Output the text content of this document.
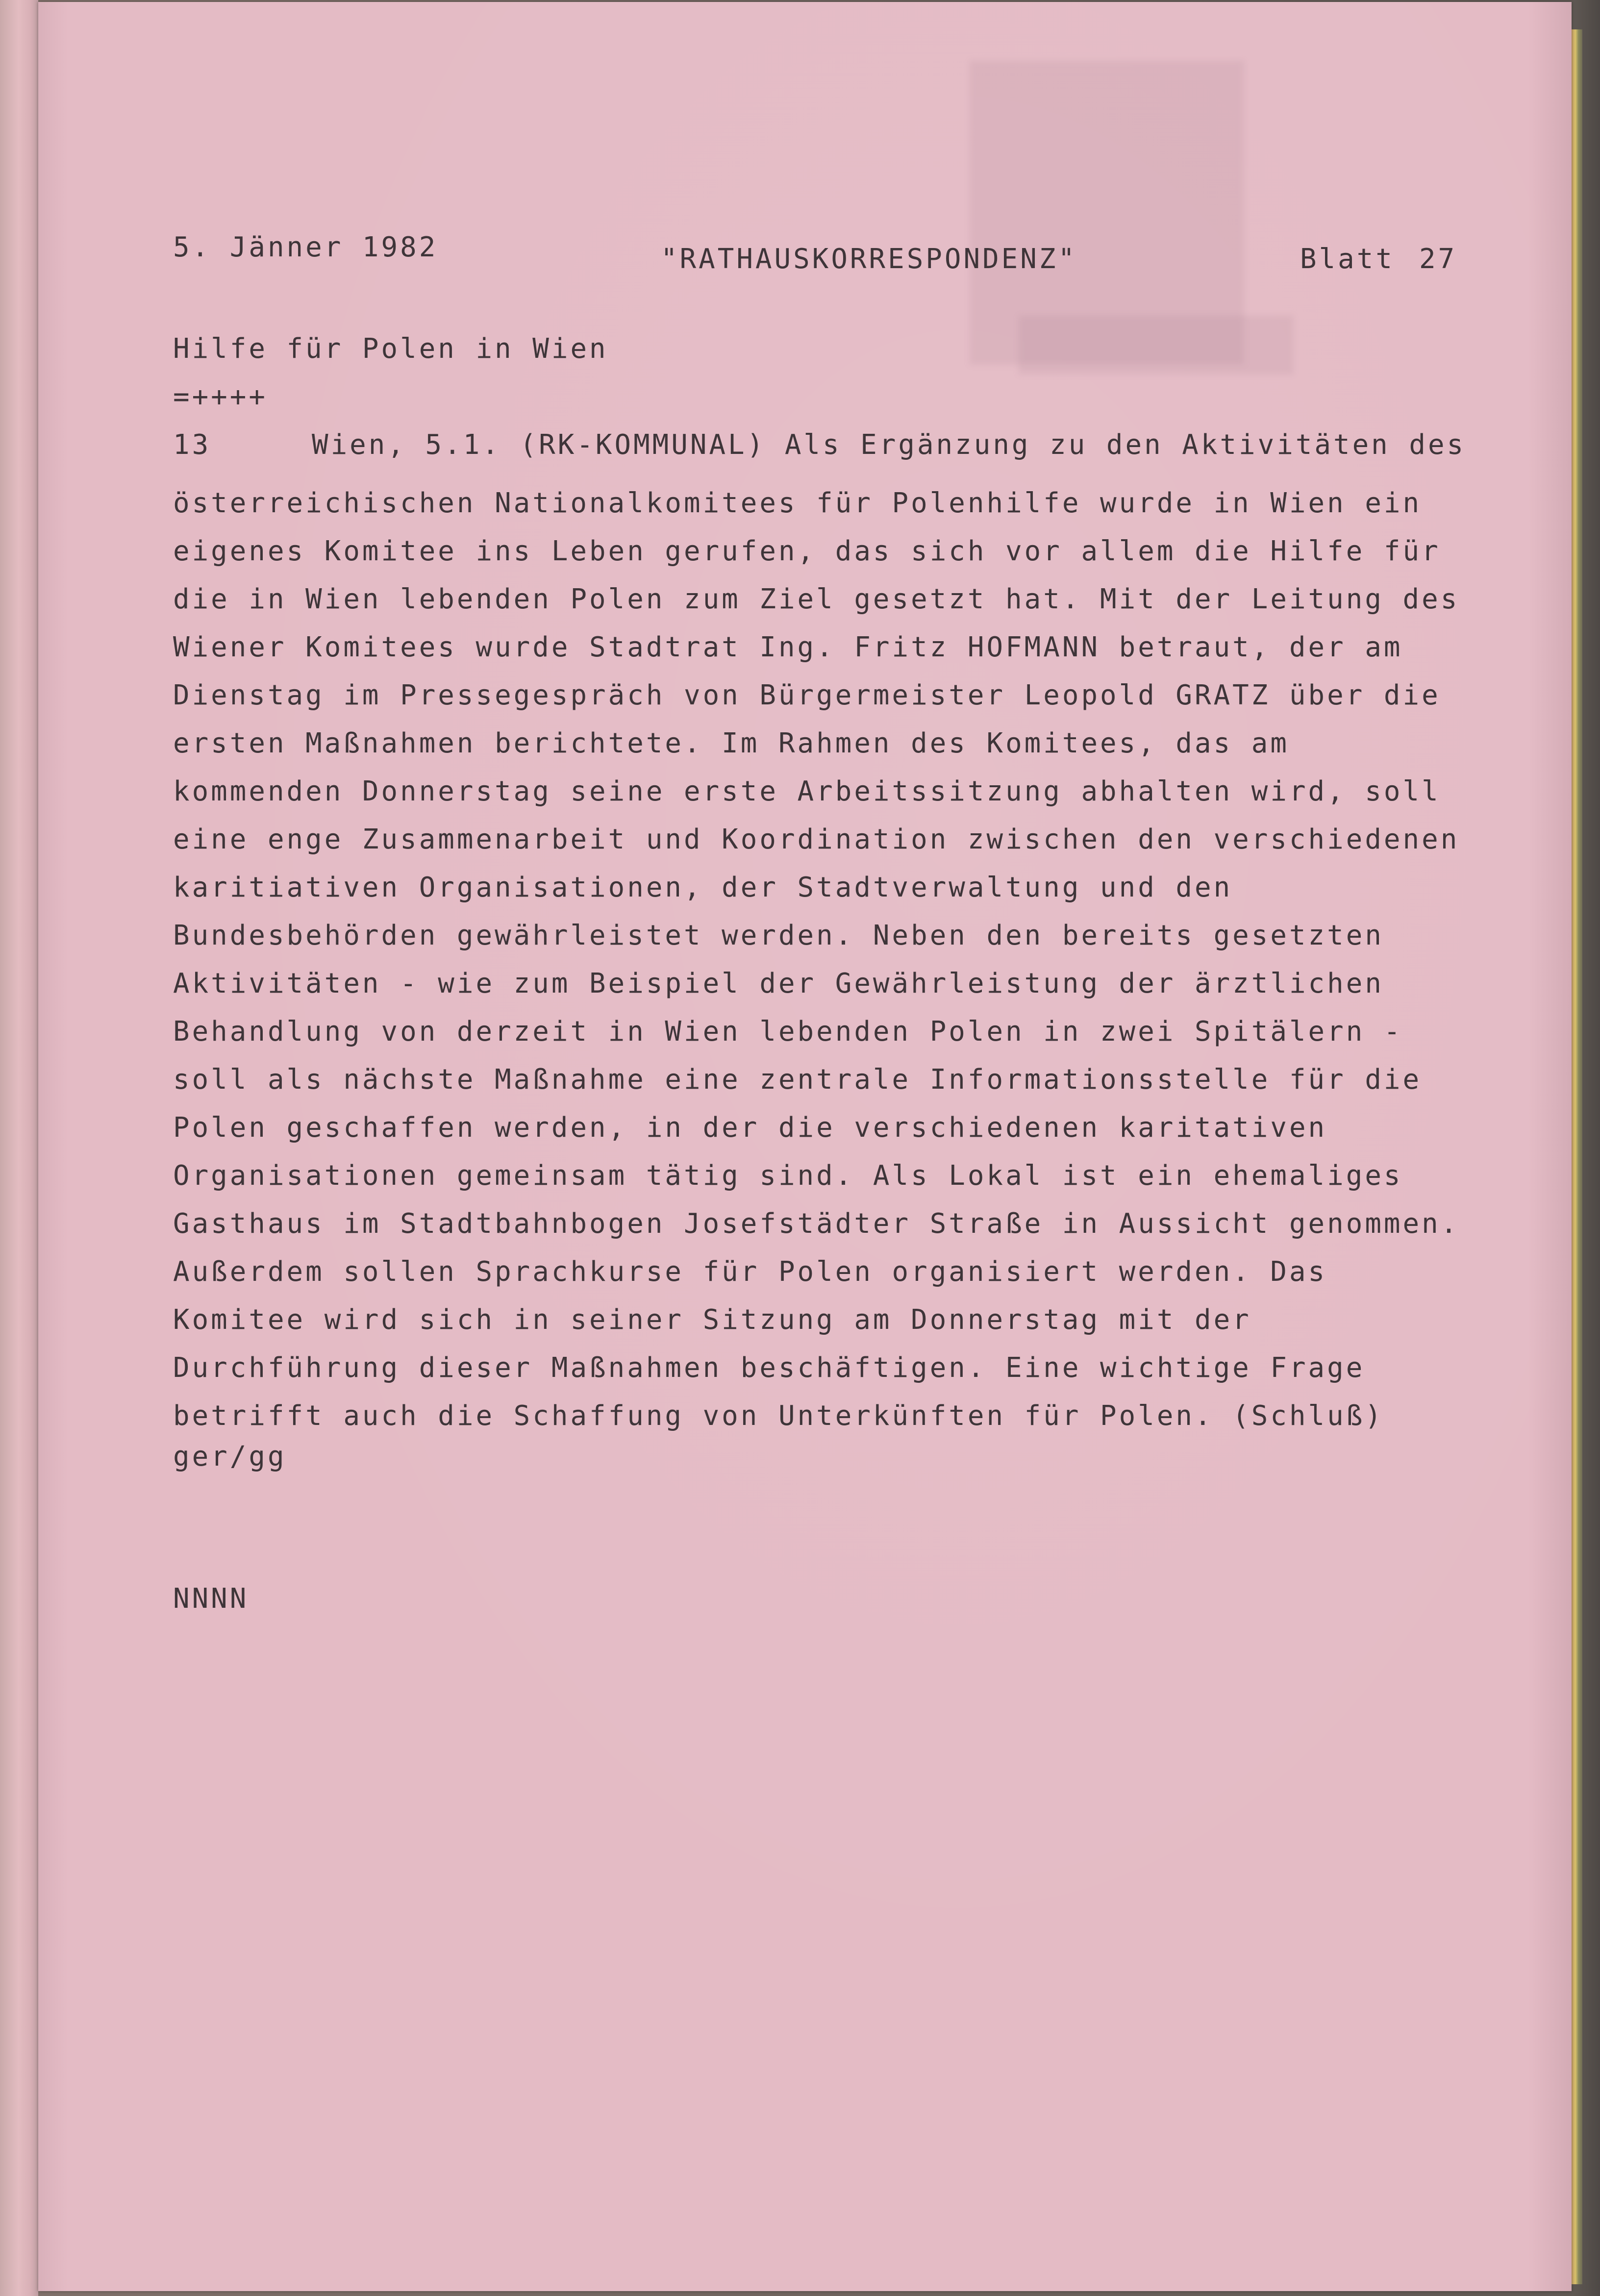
5. Jänner 1982	"RATHAUSKORRESPONDENZ"	Blatt 27
Hilfe für Polen in Wien
=++++
13	Wien, 5.1. (RK-KOMMUNAL) Als Ergänzung zu den Aktivitäten des
österreichischen Nationalkomitees für Polenhilfe wurde in Wien ein
eigenes Komitee ins Leben gerufen, das sich vor allem die Hilfe für
die in Wien lebenden Polen zum Ziel gesetzt hat. Mit der Leitung des
Wiener Komitees wurde Stadtrat Ing. Fritz HOFMANN betraut, der am
Dienstag im Pressegespräch von Bürgermeister Leopold GRATZ über die
ersten Maßnahmen berichtete. Im Rahmen des Komitees, das am
kommenden Donnerstag seine erste Arbeitssitzung abhalten wird, soll
eine enge Zusammenarbeit und Koordination zwischen den verschiedenen
karitiativen Organisationen, der Stadtverwaltung und den
Bundesbehörden gewährleistet werden. Neben den bereits gesetzten
Aktivitäten - wie zum Beispiel der Gewährleistung der ärztlichen
Behandlung von derzeit in Wien lebenden Polen in zwei Spitälern -
soll als nächste Maßnahme eine zentrale Informationsstelle für die
Polen geschaffen werden, in der die verschiedenen karitativen
Organisationen gemeinsam tätig sind. Als Lokal ist ein ehemaliges
Gasthaus im Stadtbahnbogen Josefstädter Straße in Aussicht genommen.
Außerdem sollen Sprachkurse für Polen organisiert werden. Das
Komitee wird sich in seiner Sitzung am Donnerstag mit der
Durchführung dieser Maßnahmen beschäftigen. Eine wichtige Frage
betrifft auch die Schaffung von Unterkünften für Polen. (Schluß)
ger/gg
NNNN
